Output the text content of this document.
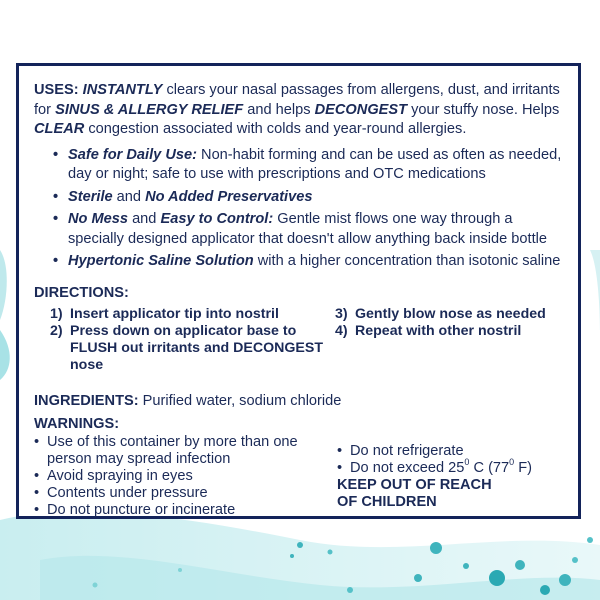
USES: INSTANTLY clears your nasal passages from allergens, dust, and irritants for SINUS & ALLERGY RELIEF and helps DECONGEST your stuffy nose. Helps CLEAR congestion associated with colds and year-round allergies.

• Safe for Daily Use: Non-habit forming and can be used as often as needed, day or night; safe to use with prescriptions and OTC medications
• Sterile and No Added Preservatives
• No Mess and Easy to Control: Gentle mist flows one way through a specially designed applicator that doesn't allow anything back inside bottle
• Hypertonic Saline Solution with a higher concentration than isotonic saline
DIRECTIONS:
1) Insert applicator tip into nostril
2) Press down on applicator base to FLUSH out irritants and DECONGEST nose
3) Gently blow nose as needed
4) Repeat with other nostril
INGREDIENTS: Purified water, sodium chloride
WARNINGS:
• Use of this container by more than one person may spread infection
• Avoid spraying in eyes
• Contents under pressure
• Do not puncture or incinerate
• Do not refrigerate
• Do not exceed $25^0$ C ($77^0$ F)
KEEP OUT OF REACH
OF CHILDREN
